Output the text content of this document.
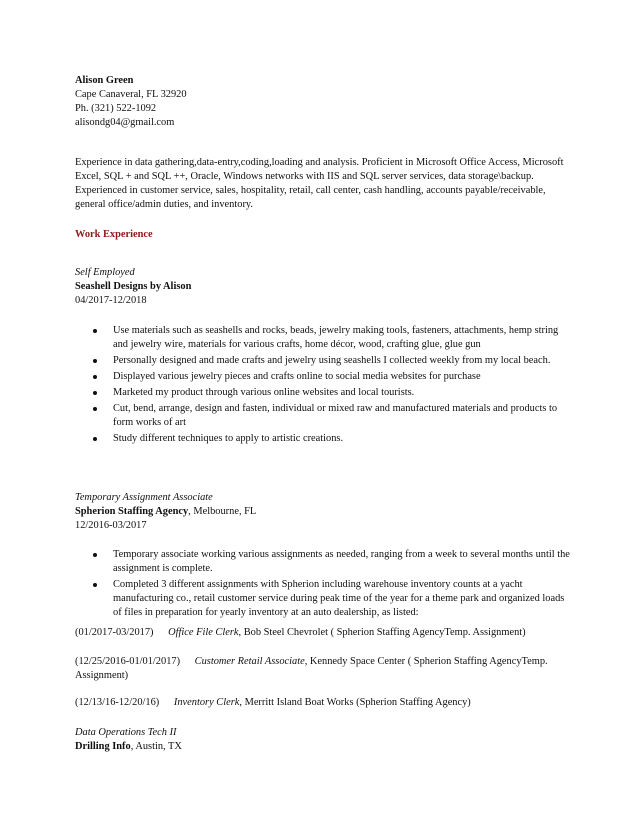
Alison Green
Cape Canaveral, FL 32920
Ph. (321) 522-1092
alisondg04@gmail.com
Experience in data gathering,data-entry,coding,loading and analysis. Proficient in Microsoft Office Access, Microsoft Excel, SQL + and SQL ++, Oracle, Windows networks with IIS and SQL server services, data storage\backup. Experienced in customer service, sales, hospitality, retail, call center, cash handling, accounts payable/receivable, general office/admin duties, and inventory.
Work Experience
Self Employed
Seashell Designs by Alison
04/2017-12/2018
Use materials such as seashells and rocks, beads, jewelry making tools, fasteners, attachments, hemp string and jewelry wire, materials for various crafts, home décor, wood, crafting glue, glue gun
Personally designed and made crafts and jewelry using seashells I collected weekly from my local beach.
Displayed various jewelry pieces and crafts online to social media websites for purchase
Marketed my product through various online websites and local tourists.
Cut, bend, arrange, design and fasten, individual or mixed raw and manufactured materials and products to form works of art
Study different techniques to apply to artistic creations.
Temporary Assignment Associate
Spherion Staffing Agency, Melbourne, FL
12/2016-03/2017
Temporary associate working various assignments as needed, ranging from a week to several months until the assignment is complete.
Completed 3 different assignments with Spherion including warehouse inventory counts at a yacht manufacturing co., retail customer service during peak time of the year for a theme park and organized loads of files in preparation for yearly inventory at an auto dealership, as listed:
(01/2017-03/2017) Office File Clerk, Bob Steel Chevrolet ( Spherion Staffing AgencyTemp. Assignment)
(12/25/2016-01/01/2017) Customer Retail Associate, Kennedy Space Center ( Spherion Staffing AgencyTemp. Assignment)
(12/13/16-12/20/16) Inventory Clerk, Merritt Island Boat Works (Spherion Staffing Agency)
Data Operations Tech II
Drilling Info, Austin, TX
